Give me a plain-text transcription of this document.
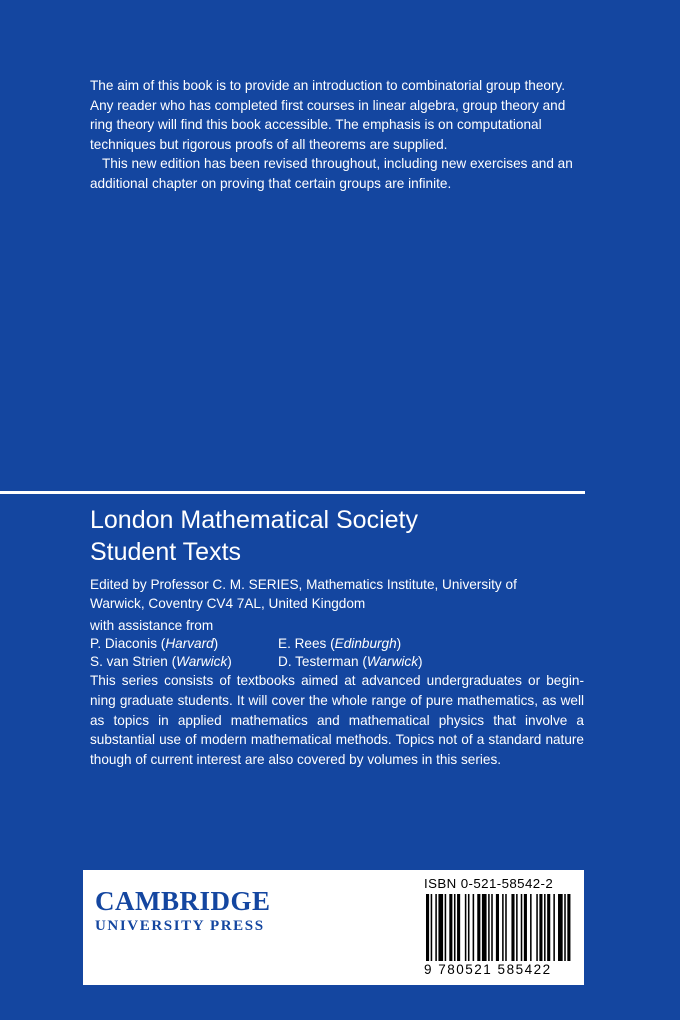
The aim of this book is to provide an introduction to combinatorial group theory. Any reader who has completed first courses in linear algebra, group theory and ring theory will find this book accessible. The emphasis is on computational techniques but rigorous proofs of all theorems are supplied.

This new edition has been revised throughout, including new exercises and an additional chapter on proving that certain groups are infinite.

London Mathematical Society
Student Texts
Edited by Professor C. M. SERIES, Mathematics Institute, University of
Warwick, Coventry CV4 7AL, United Kingdom
with assistance from
P. Diaconis (Harvard)	E. Rees (Edinburgh)
S. van Strien (Warwick)	D. Testerman (Warwick)

This series consists of textbooks aimed at advanced undergraduates or begin-ning graduate students. It will cover the whole range of pure mathematics, as well as topics in applied mathematics and mathematical physics that involve a substantial use of modern mathematical methods. Topics not of a standard nature though of current interest are also covered by volumes in this series.

CAMBRIDGE
UNIVERSITY PRESS
ISBN 0-521-58542-2
9 780521 585422
